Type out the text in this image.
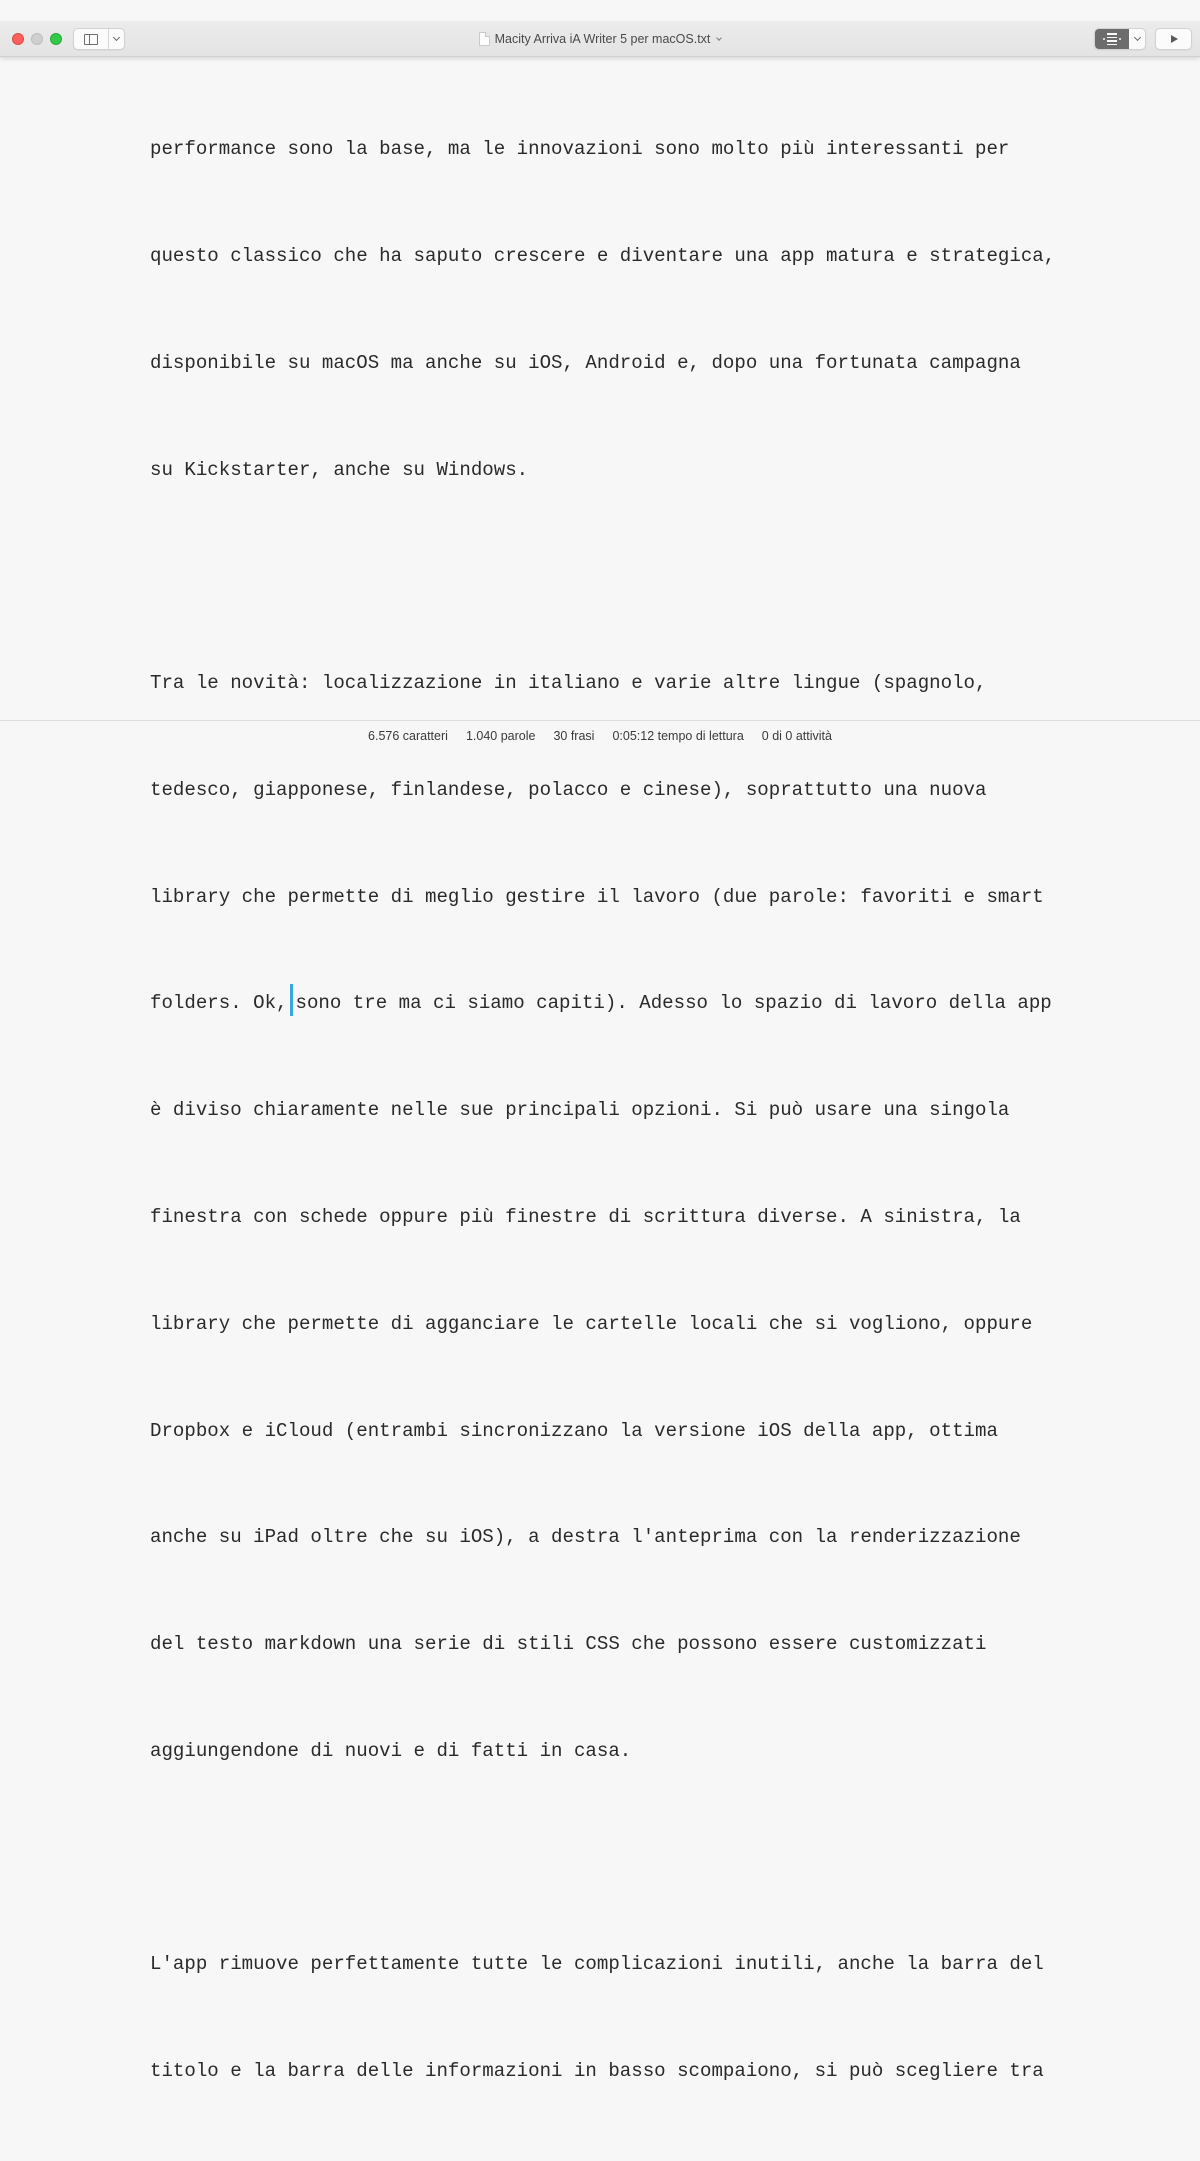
Macity Arriva iA Writer 5 per macOS.txt

performance sono la base, ma le innovazioni sono molto più interessanti per

questo classico che ha saputo crescere e diventare una app matura e strategica,

disponibile su macOS ma anche su iOS, Android e, dopo una fortunata campagna

su Kickstarter, anche su Windows.

Tra le novità: localizzazione in italiano e varie altre lingue (spagnolo,

tedesco, giapponese, finlandese, polacco e cinese), soprattutto una nuova

library che permette di meglio gestire il lavoro (due parole: favoriti e smart

folders. Ok, sono tre ma ci siamo capiti). Adesso lo spazio di lavoro della app

è diviso chiaramente nelle sue principali opzioni. Si può usare una singola

finestra con schede oppure più finestre di scrittura diverse. A sinistra, la

library che permette di agganciare le cartelle locali che si vogliono, oppure

Dropbox e iCloud (entrambi sincronizzano la versione iOS della app, ottima

anche su iPad oltre che su iOS), a destra l'anteprima con la renderizzazione

del testo markdown una serie di stili CSS che possono essere customizzati

aggiungendone di nuovi e di fatti in casa.

L'app rimuove perfettamente tutte le complicazioni inutili, anche la barra del

titolo e la barra delle informazioni in basso scompaiono, si può scegliere tra

6.576 caratteri 1.040 parole 30 frasi 0:05:12 tempo di lettura 0 di 0 attività
